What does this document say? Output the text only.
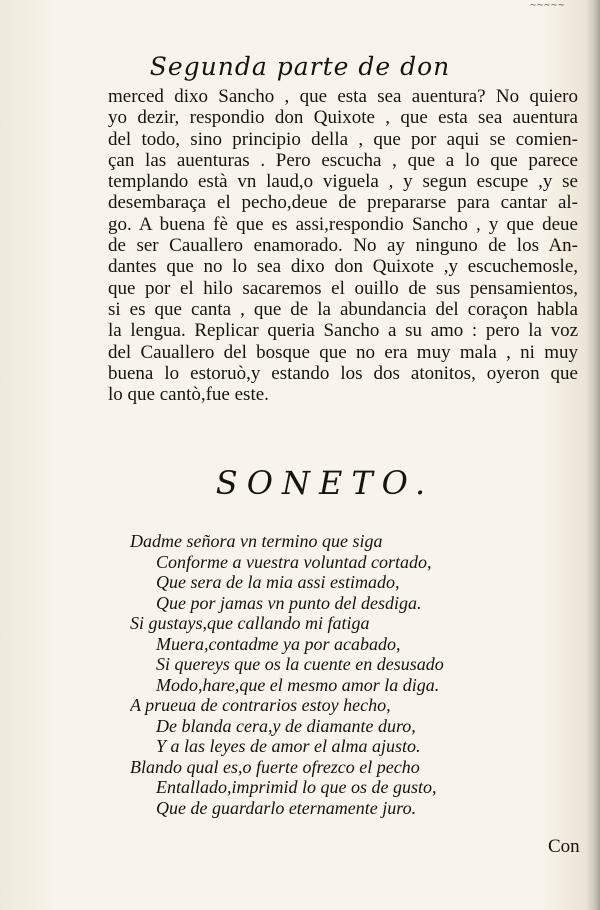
~~~~~
Segunda parte de don
merced dixo Sancho , que esta sea auentura? No quiero
yo dezir, respondio don Quixote , que esta sea auentura
del todo, sino principio della , que por aqui se comien-
çan las auenturas . Pero escucha , que a lo que parece
templando està vn laud,o viguela , y segun escupe ,y se
desembaraça el pecho,deue de prepararse para cantar al-
go. A buena fè que es assi,respondio Sancho , y que deue
de ser Cauallero enamorado. No ay ninguno de los An-
dantes que no lo sea dixo don Quixote ,y escuchemosle,
que por el hilo sacaremos el ouillo de sus pensamientos,
si es que canta , que de la abundancia del coraçon habla
la lengua. Replicar queria Sancho a su amo : pero la voz
del Cauallero del bosque que no era muy mala , ni muy
buena lo estoruò,y estando los dos atonitos, oyeron que
lo que cantò,fue este.
SONETO.
Dadme señora vn termino que siga
Conforme a vuestra voluntad cortado,
Que sera de la mia assi estimado,
Que por jamas vn punto del desdiga.
Si gustays,que callando mi fatiga
Muera,contadme ya por acabado,
Si quereys que os la cuente en desusado
Modo,hare,que el mesmo amor la diga.
A prueua de contrarios estoy hecho,
De blanda cera,y de diamante duro,
Y a las leyes de amor el alma ajusto.
Blando qual es,o fuerte ofrezco el pecho
Entallado,imprimid lo que os de gusto,
Que de guardarlo eternamente juro.
Con
